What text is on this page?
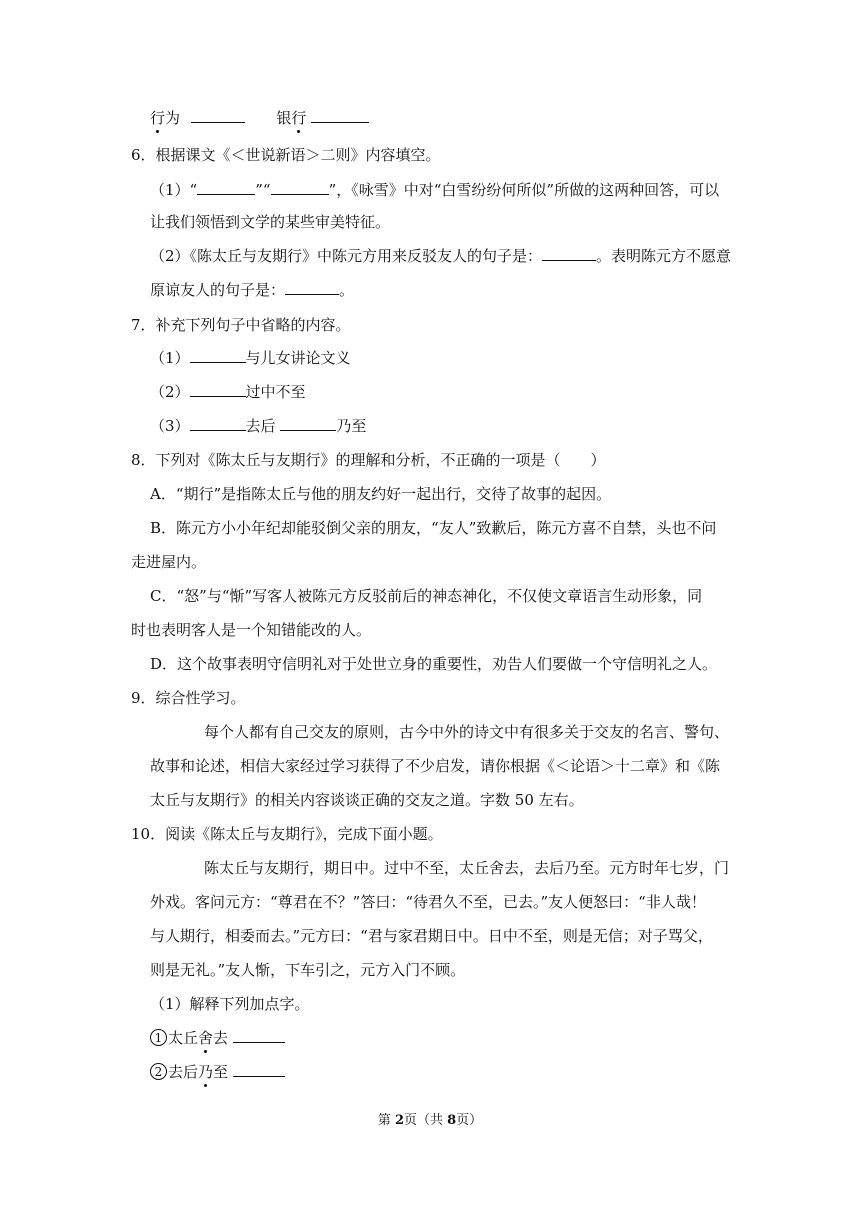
行为	银行
6．根据课文《＜世说新语＞二则》内容填空。
（1）“	”“	”，《咏雪》中对“白雪纷纷何所似”所做的这两种回答，可以
让我们领悟到文学的某些审美特征。
（2）《陈太丘与友期行》中陈元方用来反驳友人的句子是：	。表明陈元方不愿意
原谅友人的句子是：	。
7．补充下列句子中省略的内容。
（1）	与儿女讲论文义
（2）	过中不至
（3）	去后	乃至
8．下列对《陈太丘与友期行》的理解和分析，不正确的一项是（　　）
A．“期行”是指陈太丘与他的朋友约好一起出行，交待了故事的起因。
B．陈元方小小年纪却能驳倒父亲的朋友，“友人”致歉后，陈元方喜不自禁，头也不问
走进屋内。
C．“怒”与“惭”写客人被陈元方反驳前后的神态神化，不仅使文章语言生动形象，同
时也表明客人是一个知错能改的人。
D．这个故事表明守信明礼对于处世立身的重要性，劝告人们要做一个守信明礼之人。
9．综合性学习。
每个人都有自己交友的原则，古今中外的诗文中有很多关于交友的名言、警句、
故事和论述，相信大家经过学习获得了不少启发，请你根据《＜论语＞十二章》和《陈
太丘与友期行》的相关内容谈谈正确的交友之道。字数 50 左右。
10．阅读《陈太丘与友期行》，完成下面小题。
陈太丘与友期行，期日中。过中不至，太丘舍去，去后乃至。元方时年七岁，门
外戏。客问元方：“尊君在不？”答曰：“待君久不至，已去。”友人便怒曰：“非人哉！
与人期行，相委而去。”元方曰：“君与家君期日中。日中不至，则是无信；对子骂父，
则是无礼。”友人惭，下车引之，元方入门不顾。
（1）解释下列加点字。
1 太丘舍去
2 去后乃至
第 2页（共 8页）
